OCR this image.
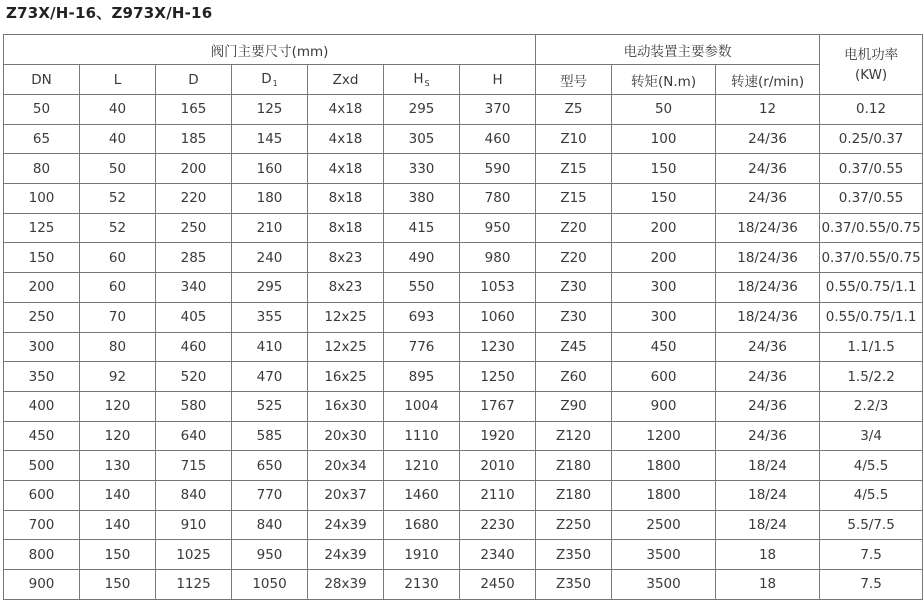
Z73X/H-16、Z973X/H-16
阀门主要尺寸(mm)							电动装置主要参数			电机功率
(KW)

DN	L	D	$D_1$	Zxd	$H_S$	H	型号	转矩(N.m)	转速(r/min)	
50	40	165	125	4x18	295	370	Z5	50	12	0.12
65	40	185	145	4x18	305	460	Z10	100	24/36	0.25/0.37
80	50	200	160	4x18	330	590	Z15	150	24/36	0.37/0.55
100	52	220	180	8x18	380	780	Z15	150	24/36	0.37/0.55
125	52	250	210	8x18	415	950	Z20	200	18/24/36	0.37/0.55/0.75
150	60	285	240	8x23	490	980	Z20	200	18/24/36	0.37/0.55/0.75
200	60	340	295	8x23	550	1053	Z30	300	18/24/36	0.55/0.75/1.1
250	70	405	355	12x25	693	1060	Z30	300	18/24/36	0.55/0.75/1.1
300	80	460	410	12x25	776	1230	Z45	450	24/36	1.1/1.5
350	92	520	470	16x25	895	1250	Z60	600	24/36	1.5/2.2
400	120	580	525	16x30	1004	1767	Z90	900	24/36	2.2/3
450	120	640	585	20x30	1110	1920	Z120	1200	24/36	3/4
500	130	715	650	20x34	1210	2010	Z180	1800	18/24	4/5.5
600	140	840	770	20x37	1460	2110	Z180	1800	18/24	4/5.5
700	140	910	840	24x39	1680	2230	Z250	2500	18/24	5.5/7.5
800	150	1025	950	24x39	1910	2340	Z350	3500	18	7.5
900	150	1125	1050	28x39	2130	2450	Z350	3500	18	7.5
